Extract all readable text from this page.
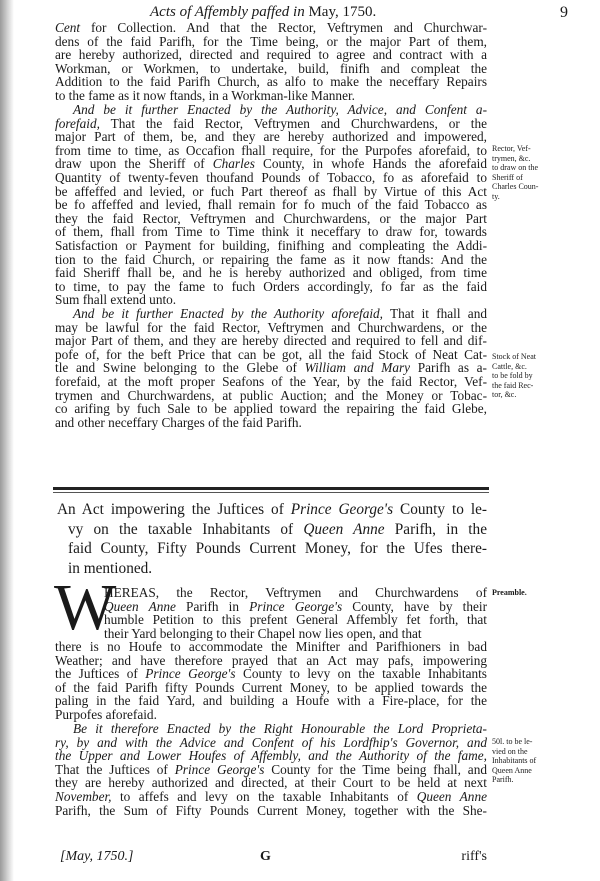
Acts of Affembly paffed in May, 1750.	9
Cent for Collection. And that the Rector, Veftrymen and Churchwar-
dens of the faid Parifh, for the Time being, or the major Part of them,
are hereby authorized, directed and required to agree and contract with a
Workman, or Workmen, to undertake, build, finifh and compleat the
Addition to the faid Parifh Church, as alfo to make the neceffary Repairs
to the fame as it now ftands, in a Workman-like Manner.
And be it further Enacted by the Authority, Advice, and Confent a-
forefaid, That the faid Rector, Veftrymen and Churchwardens, or the
major Part of them, be, and they are hereby authorized and impowered,
from time to time, as Occafion fhall require, for the Purpofes aforefaid, to
draw upon the Sheriff of Charles County, in whofe Hands the aforefaid
Quantity of twenty-feven thoufand Pounds of Tobacco, fo as aforefaid to
be affeffed and levied, or fuch Part thereof as fhall by Virtue of this Act
be fo affeffed and levied, fhall remain for fo much of the faid Tobacco as
they the faid Rector, Veftrymen and Churchwardens, or the major Part
of them, fhall from Time to Time think it neceffary to draw for, towards
Satisfaction or Payment for building, finifhing and compleating the Addi-
tion to the faid Church, or repairing the fame as it now ftands: And the
faid Sheriff fhall be, and he is hereby authorized and obliged, from time
to time, to pay the fame to fuch Orders accordingly, fo far as the faid
Sum fhall extend unto.
And be it further Enacted by the Authority aforefaid, That it fhall and
may be lawful for the faid Rector, Veftrymen and Churchwardens, or the
major Part of them, and they are hereby directed and required to fell and dif-
pofe of, for the beft Price that can be got, all the faid Stock of Neat Cat-
tle and Swine belonging to the Glebe of William and Mary Parifh as a-
forefaid, at the moft proper Seafons of the Year, by the faid Rector, Vef-
trymen and Churchwardens, at public Auction; and the Money or Tobac-
co arifing by fuch Sale to be applied toward the repairing the faid Glebe,
and other neceffary Charges of the faid Parifh.
An Act impowering the Juftices of Prince George's County to le-
vy on the taxable Inhabitants of Queen Anne Parifh, in the
faid County, Fifty Pounds Current Money, for the Ufes there-
in mentioned.
W
HEREAS, the Rector, Veftrymen and Churchwardens of
Queen Anne Parifh in Prince George's County, have by their
humble Petition to this prefent General Affembly fet forth, that
their Yard belonging to their Chapel now lies open, and that
there is no Houfe to accommodate the Minifter and Parifhioners in bad
Weather; and have therefore prayed that an Act may pafs, impowering
the Juftices of Prince George's County to levy on the taxable Inhabitants
of the faid Parifh fifty Pounds Current Money, to be applied towards the
paling in the faid Yard, and building a Houfe with a Fire-place, for the
Purpofes aforefaid.
Be it therefore Enacted by the Right Honourable the Lord Proprieta-
ry, by and with the Advice and Confent of his Lordfhip's Governor, and
the Upper and Lower Houfes of Affembly, and the Authority of the fame,
That the Juftices of Prince George's County for the Time being fhall, and
they are hereby authorized and directed, at their Court to be held at next
November, to affefs and levy on the taxable Inhabitants of Queen Anne
Parifh, the Sum of Fifty Pounds Current Money, together with the She-
Rector, Vef-
trymen, &c.
to draw on the
Sheriff of
Charles Coun-
ty.
Stock of Neat
Cattle, &c.
to be fold by
the faid Rec-
tor, &c.
Preamble.
50l. to be le-
vied on the
Inhabitants of
Queen Anne
Parifh.
[May, 1750.]	G	riff's
